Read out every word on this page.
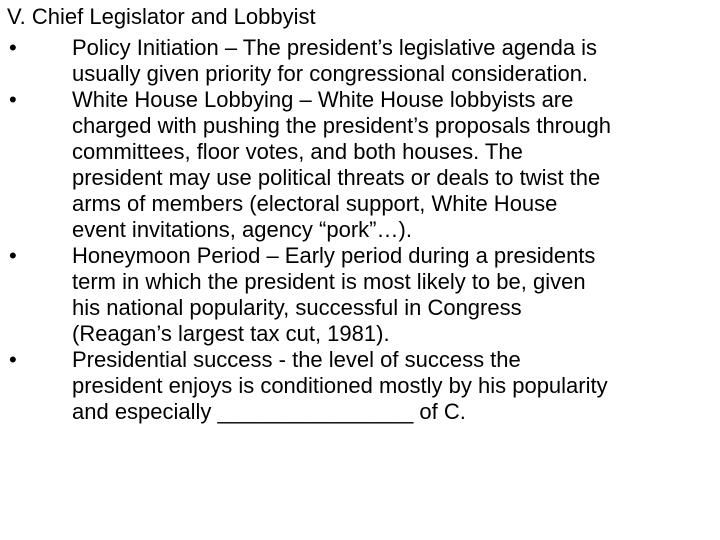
V. Chief Legislator and Lobbyist
•	Policy Initiation – The president’s legislative agenda is
usually given priority for congressional consideration.
•	White House Lobbying – White House lobbyists are
charged with pushing the president’s proposals through
committees, floor votes, and both houses. The
president may use political threats or deals to twist the
arms of members (electoral support, White House
event invitations, agency “pork”…).
•	Honeymoon Period – Early period during a presidents
term in which the president is most likely to be, given
his national popularity, successful in Congress
(Reagan’s largest tax cut, 1981).
•	Presidential success - the level of success the
president enjoys is conditioned mostly by his popularity
and especially ________________ of C.
